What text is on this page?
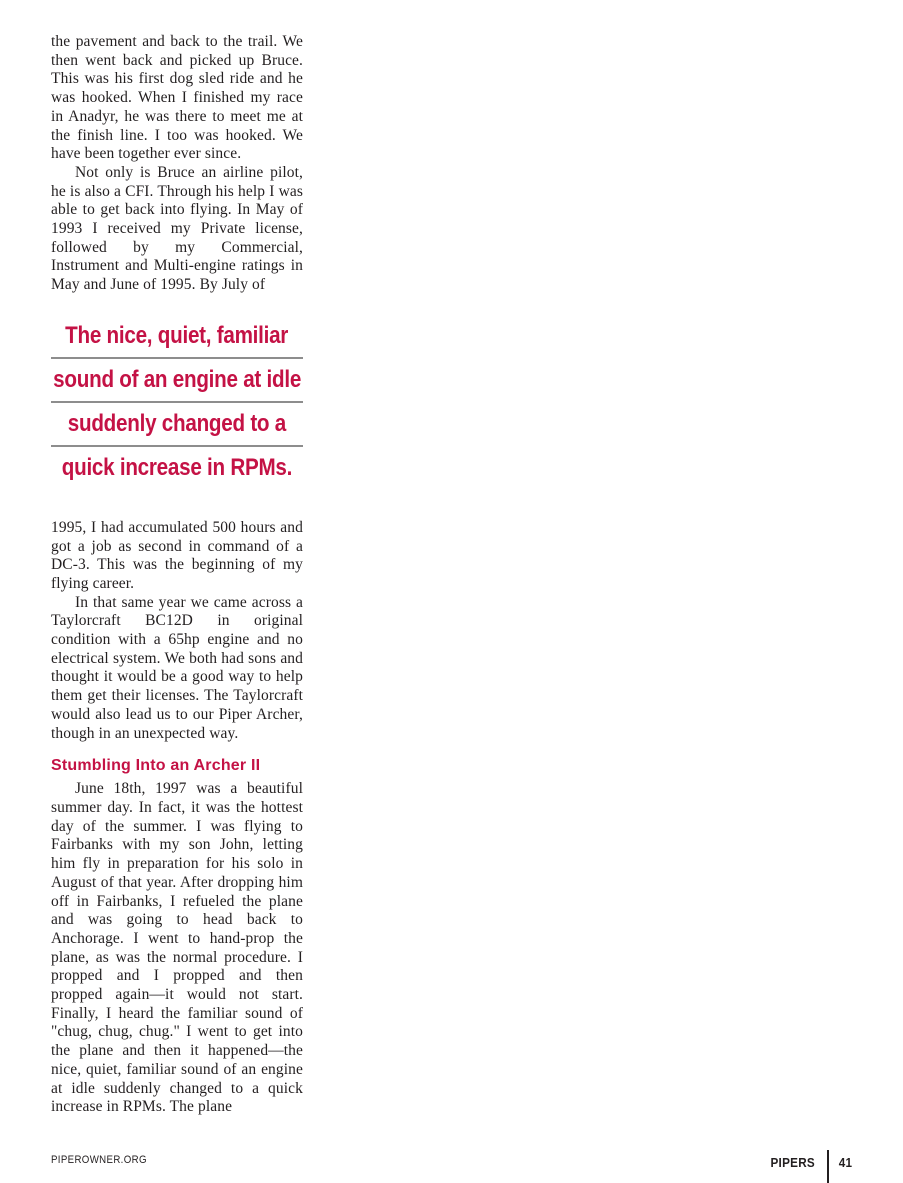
the pavement and back to the trail. We then went back and picked up Bruce. This was his first dog sled ride and he was hooked. When I finished my race in Anadyr, he was there to meet me at the finish line. I too was hooked. We have been together ever since.

Not only is Bruce an airline pilot, he is also a CFI. Through his help I was able to get back into flying. In May of 1993 I received my Private license, followed by my Commercial, Instrument and Multi-engine ratings in May and June of 1995. By July of

The nice, quiet, familiar
sound of an engine at idle
suddenly changed to a
quick increase in RPMs.

1995, I had accumulated 500 hours and got a job as second in command of a DC-3. This was the beginning of my flying career.

In that same year we came across a Taylorcraft BC12D in original condition with a 65hp engine and no electrical system. We both had sons and thought it would be a good way to help them get their licenses. The Taylorcraft would also lead us to our Piper Archer, though in an unexpected way.

Stumbling Into an Archer II

June 18th, 1997 was a beautiful summer day. In fact, it was the hottest day of the summer. I was flying to Fairbanks with my son John, letting him fly in preparation for his solo in August of that year. After dropping him off in Fairbanks, I refueled the plane and was going to head back to Anchorage. I went to hand-prop the plane, as was the normal procedure. I propped and I propped and then propped again—it would not start. Finally, I heard the familiar sound of "chug, chug, chug." I went to get into the plane and then it happened—the nice, quiet, familiar sound of an engine at idle suddenly changed to a quick increase in RPMs. The plane

PIPEROWNER.ORG	PIPERS 41
